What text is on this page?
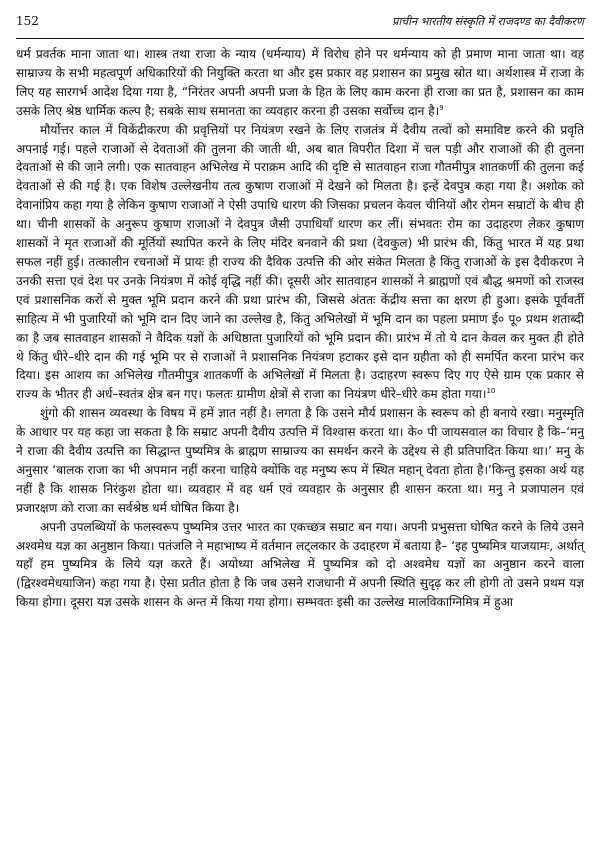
152	प्राचीन भारतीय संस्कृति में राजदण्ड का दैवीकरण

धर्म प्रवर्तक माना जाता था। शास्त्र तथा राजा के न्याय (धर्मन्याय) में विरोध होने पर धर्मन्याय को ही प्रमाण माना जाता था। वह साम्राज्य के सभी महत्वपूर्ण अधिकारियों की नियुक्ति करता था और इस प्रकार वह प्रशासन का प्रमुख स्रोत था। अर्थशास्त्र में राजा के लिए यह सारगर्भ आदेश दिया गया है, “निरंतर अपनी अपनी प्रजा के हित के लिए काम करना ही राजा का प्रत है, प्रशासन का काम उसके लिए श्रेष्ठ धार्मिक कल्प है; सबके साथ समानता का व्यवहार करना ही उसका सर्वोच्च दान है।$^9$

मौर्योत्तर काल में विकेंद्रीकरण की प्रवृत्तियों पर नियंत्रण रखने के लिए राजतंत्र में दैवीय तत्वों को समाविष्ट करने की प्रवृति अपनाई गई। पहले राजाओं से देवताओं की तुलना की जाती थी, अब बात विपरीत दिशा में चल पड़ी और राजाओं की ही तुलना देवताओं से की जाने लगी। एक सातवाहन अभिलेख में पराक्रम आदि की दृष्टि से सातवाहन राजा गौतमीपुत्र शातकर्णी की तुलना कई देवताओं से की गई है। एक विशेष उल्लेखनीय तत्व कुषाण राजाओं में देखने को मिलता है। इन्हें देवपुत्र कहा गया है। अशोक को देवानांप्रिय कहा गया है लेकिन कुषाण राजाओं ने ऐसी उपाधि धारण की जिसका प्रचलन केवल चीनियों और रोमन सम्राटों के बीच ही था। चीनी शासकों के अनुरूप कुषाण राजाओं ने देवपुत्र जैसी उपाधियाँ धारण कर लीं। संभवतः रोम का उदाहरण लेकर कुषाण शासकों ने मृत राजाओं की मूर्तियों स्थापित करने के लिए मंदिर बनवाने की प्रथा (देवकुल) भी प्रारंभ की, किंतु भारत में यह प्रथा सफल नहीं हुई। तत्कालीन रचनाओं में प्रायः ही राज्य की दैविक उत्पत्ति की ओर संकेत मिलता है किंतु राजाओं के इस दैवीकरण ने उनकी सत्ता एवं देश पर उनके नियंत्रण में कोई वृद्धि नहीं की। दूसरी ओर सातवाहन शासकों ने ब्राह्मणों एवं बौद्ध श्रमणों को राजस्व एवं प्रशासनिक करों से मुक्त भूमि प्रदान करने की प्रथा प्रारंभ की, जिससे अंततः केंद्रीय सत्ता का क्षरण ही हुआ। इसके पूर्ववर्ती साहित्य में भी पुजारियों को भूमि दान दिए जाने का उल्लेख है, किंतु अभिलेखों में भूमि दान का पहला प्रमाण ई० पू० प्रथम शताब्दी का है जब सातवाहन शासकों ने वैदिक यज्ञों के अधिष्ठाता पुजारियों को भूमि प्रदान की। प्रारंभ में तो ये दान केवल कर मुक्त ही होते थे किंतु धीरे–धीरे दान की गई भूमि पर से राजाओं ने प्रशासनिक नियंत्रण हटाकर इसे दान ग्रहीता को ही समर्पित करना प्रारंभ कर दिया। इस आशय का अभिलेख गौतमीपुत्र शातकर्णी के अभिलेखों में मिलता है। उदाहरण स्वरूप दिए गए ऐसे ग्राम एक प्रकार से राज्य के भीतर ही अर्ध–स्वतंत्र क्षेत्र बन गए। फलतः ग्रामीण क्षेत्रों से राजा का नियंत्रण धीरे–धीरे कम होता गया।$^{10}$

शुंगो की शासन व्यवस्था के विषय में हमें ज्ञात नहीं है। लगता है कि उसने मौर्य प्रशासन के स्वरूप को ही बनाये रखा। मनुस्मृति के आधार पर यह कहा जा सकता है कि सम्राट अपनी दैवीय उत्पत्ति में विश्वास करता था। के० पी जायसवाल का विचार है कि–‘मनु ने राजा की दैवीय उत्पत्ति का सिद्धान्त पुष्यमित्र के ब्राह्मण साम्राज्य का समर्थन करने के उद्देश्य से ही प्रतिपादित किया था।’ मनु के अनुसार ‘बालक राजा का भी अपमान नहीं करना चाहिये क्योंकि वह मनुष्य रूप में स्थित महान् देवता होता है।’किन्तु इसका अर्थ यह नहीं है कि शासक निरंकुश होता था। व्यवहार में वह धर्म एवं व्यवहार के अनुसार ही शासन करता था। मनु ने प्रजापालन एवं प्रजारक्षण को राजा का सर्वश्रेष्ठ धर्म घोषित किया है।

अपनी उपलब्धियों के फलस्वरूप पुष्यमित्र उत्तर भारत का एकच्छत्र सम्राट बन गया। अपनी प्रभुसत्ता घोषित करने के लिये उसने अश्वमेध यज्ञ का अनुष्ठान किया। पतंजलि ने महाभाष्य में वर्तमान लट्लकार के उदाहरण में बताया है– ‘इह पुष्यमित्र याजयामः, अर्थात् यहाँ हम पुष्यमित्र के लिये यज्ञ करते हैं। अयोध्या अभिलेख में पुष्यमित्र को दो अश्वमेध यज्ञों का अनुष्ठान करने वाला (द्विरश्वमेधयाजिन) कहा गया है। ऐसा प्रतीत होता है कि जब उसने राजधानी में अपनी स्थिति सुदृढ़ कर ली होगी तो उसने प्रथम यज्ञ किया होगा। दूसरा यज्ञ उसके शासन के अन्त में किया गया होगा। सम्भवतः इसी का उल्लेख मालविकाग्निमित्र में हुआ
